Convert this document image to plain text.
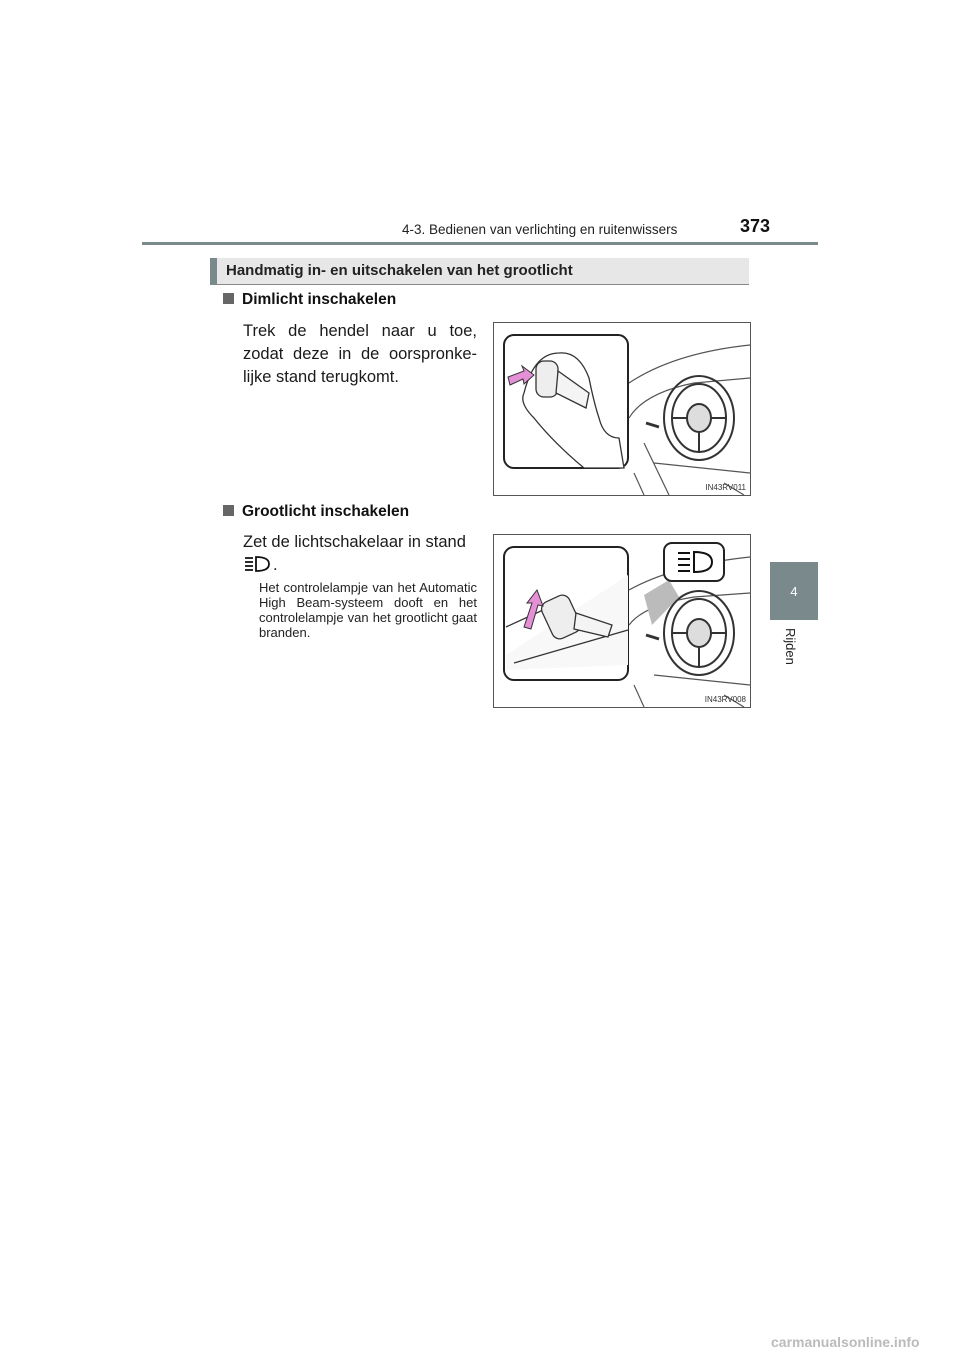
4-3. Bedienen van verlichting en ruitenwissers	373
4
Rijden
Handmatig in- en uitschakelen van het grootlicht
Dimlicht inschakelen
Trek de hendel naar u toe, zodat deze in de oorspronke- lijke stand terugkomt.
IN43RV011
Grootlicht inschakelen
Zet de lichtschakelaar in stand
.
Het controlelampje van het Automatic High Beam-systeem dooft en het controlelampje van het grootlicht gaat branden.
IN43RV008
carmanualsonline.info
